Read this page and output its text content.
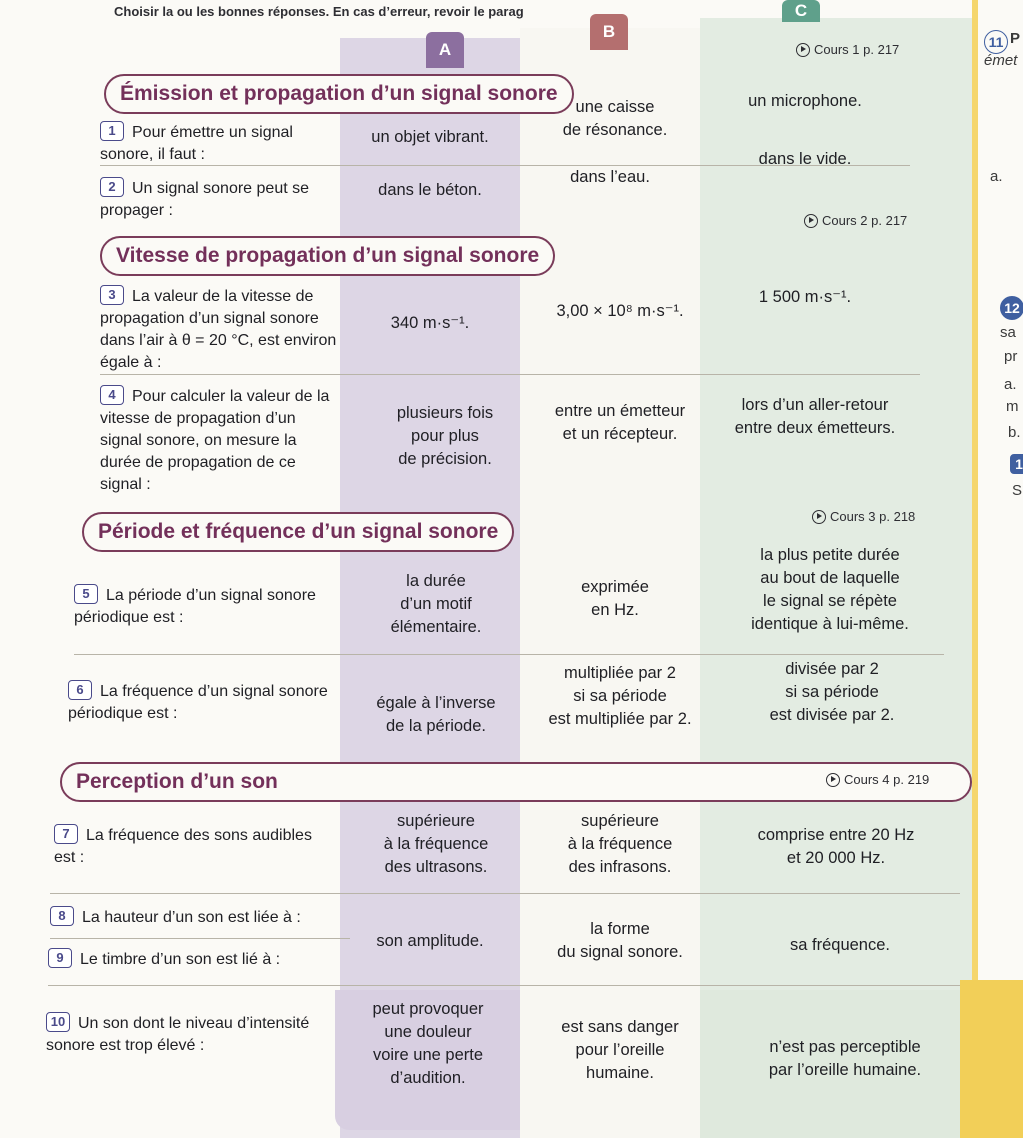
Choisir la ou les bonnes réponses. En cas d’erreur, revoir le parag
A
B
C
Émission et propagation d’un signal sonore
Cours 1 p. 217
1 Pour émettre un signal sonore, il faut :
un objet vibrant.
une caisse
de résonance.
un microphone.
2 Un signal sonore peut se propager :
dans le béton.
dans l’eau.
dans le vide.
Vitesse de propagation d’un signal sonore
Cours 2 p. 217
3 La valeur de la vitesse de propagation d’un signal sonore dans l’air à θ = 20 °C, est environ égale à :
340 m·s⁻¹.
3,00 × 10⁸ m·s⁻¹.
1 500 m·s⁻¹.
4 Pour calculer la valeur de la vitesse de propagation d’un signal sonore, on mesure la durée de propagation de ce signal :
plusieurs fois
pour plus
de précision.
entre un émetteur
et un récepteur.
lors d’un aller-retour
entre deux émetteurs.
Période et fréquence d’un signal sonore
Cours 3 p. 218
5 La période d’un signal sonore périodique est :
la durée
d’un motif
élémentaire.
exprimée
en Hz.
la plus petite durée
au bout de laquelle
le signal se répète
identique à lui-même.
6 La fréquence d’un signal sonore périodique est :
égale à l’inverse
de la période.
multipliée par 2
si sa période
est multipliée par 2.
divisée par 2
si sa période
est divisée par 2.
Perception d’un son	Cours 4 p. 219
7 La fréquence des sons audibles est :
supérieure
à la fréquence
des ultrasons.
supérieure
à la fréquence
des infrasons.
comprise entre 20 Hz
et 20 000 Hz.
8 La hauteur d’un son est liée à :
9 Le timbre d’un son est lié à :
son amplitude.
la forme
du signal sonore.	sa fréquence.
10 Un son dont le niveau d’intensité sonore est trop élevé :
peut provoquer
une douleur
voire une perte
d’audition.
est sans danger
pour l’oreille
humaine.
n’est pas perceptible
par l’oreille humaine.
11 P
émet
a.
12
sa
pr
a.
m
b.
1
S
